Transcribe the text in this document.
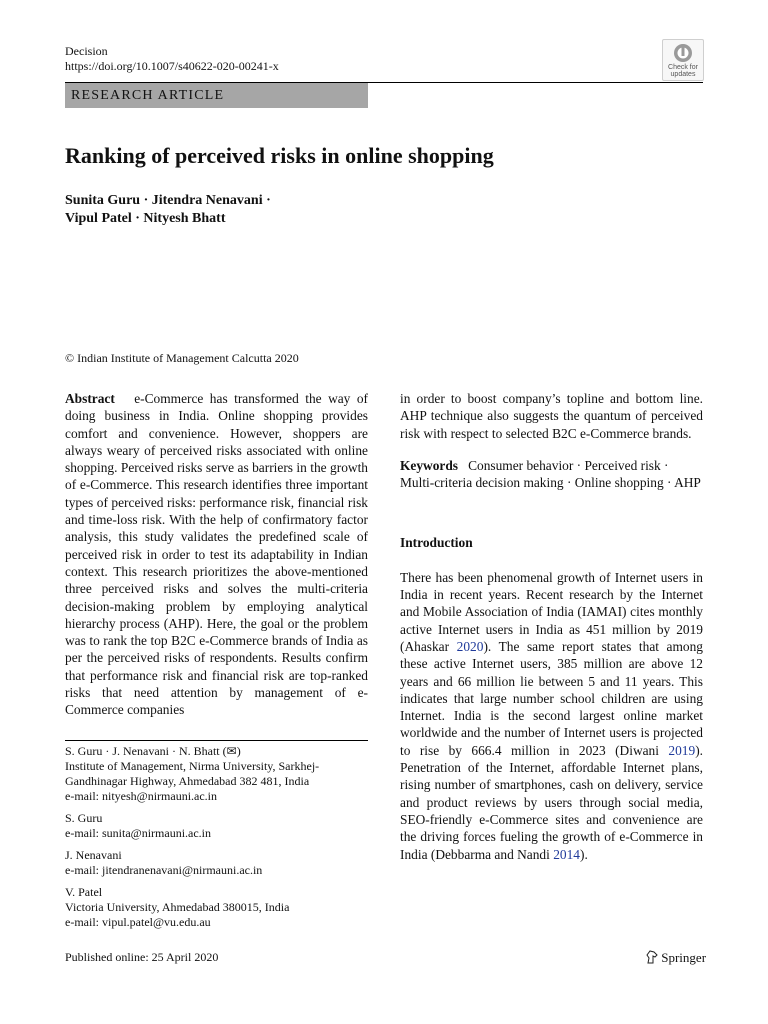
Decision
https://doi.org/10.1007/s40622-020-00241-x	Check for
updates
RESEARCH ARTICLE
Ranking of perceived risks in online shopping
Sunita Guru · Jitendra Nenavani ·
Vipul Patel · Nityesh Bhatt
© Indian Institute of Management Calcutta 2020

Abstract e-Commerce has transformed the way of doing business in India. Online shopping provides comfort and convenience. However, shoppers are always weary of perceived risks associated with online shopping. Perceived risks serve as barriers in the growth of e-Commerce. This research identifies three important types of perceived risks: performance risk, financial risk and time-loss risk. With the help of confirmatory factor analysis, this study validates the predefined scale of perceived risk in order to test its adaptability in Indian context. This research prioritizes the above-mentioned three perceived risks and solves the multi-criteria decision-making problem by employing analytical hierarchy process (AHP). Here, the goal or the problem was to rank the top B2C e-Commerce brands of India as per the perceived risks of respondents. Results confirm that performance risk and financial risk are top-ranked risks that need attention by management of e-Commerce companies

S. Guru · J. Nenavani · N. Bhatt (✉)
Institute of Management, Nirma University, Sarkhej-
Gandhinagar Highway, Ahmedabad 382 481, India
e-mail: nityesh@nirmauni.ac.in
S. Guru
e-mail: sunita@nirmauni.ac.in
J. Nenavani
e-mail: jitendranenavani@nirmauni.ac.in
V. Patel
Victoria University, Ahmedabad 380015, India
e-mail: vipul.patel@vu.edu.au

in order to boost company’s topline and bottom line. AHP technique also suggests the quantum of perceived risk with respect to selected B2C e-Commerce brands.

Keywords Consumer behavior · Perceived risk · Multi-criteria decision making · Online shopping · AHP

Introduction

There has been phenomenal growth of Internet users in India in recent years. Recent research by the Internet and Mobile Association of India (IAMAI) cites monthly active Internet users in India as 451 million by 2019 (Ahaskar 2020). The same report states that among these active Internet users, 385 million are above 12 years and 66 million lie between 5 and 11 years. This indicates that large number school children are using Internet. India is the second largest online market worldwide and the number of Internet users is projected to rise by 666.4 million in 2023 (Diwani 2019). Penetration of the Internet, affordable Internet plans, rising number of smartphones, cash on delivery, service and product reviews by users through social media, SEO-friendly e-Commerce sites and convenience are the driving forces fueling the growth of e-Commerce in India (Debbarma and Nandi 2014).

Published online: 25 April 2020	Springer
